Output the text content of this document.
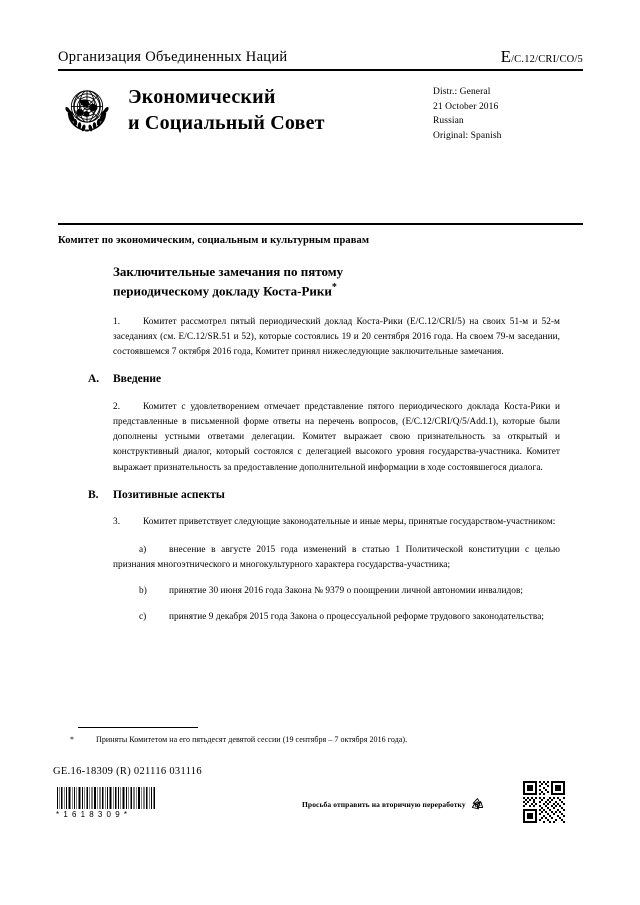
Организация Объединенных Наций	E/C.12/CRI/CO/5
Экономический
и Социальный Совет
Distr.: General
21 October 2016
Russian
Original: Spanish
Комитет по экономическим, социальным и культурным правам
Заключительные замечания по пятому
периодическому докладу Коста-Рики*

1. Комитет рассмотрел пятый периодический доклад Коста-Рики (E/C.12/CRI/5) на своих 51-м и 52-м заседаниях (см. E/C.12/SR.51 и 52), которые состоялись 19 и 20 сентября 2016 года. На своем 79-м заседании, состоявшемся 7 октября 2016 года, Комитет принял нижеследующие заключительные замечания.

A. Введение

2. Комитет с удовлетворением отмечает представление пятого периодического доклада Коста-Рики и представленные в письменной форме ответы на перечень вопросов, (E/C.12/CRI/Q/5/Add.1), которые были дополнены устными ответами делегации. Комитет выражает свою признательность за открытый и конструктивный диалог, который состоялся с делегацией высокого уровня государства-участника. Комитет выражает признательность за предоставление дополнительной информации в ходе состоявшегося диалога.

B. Позитивные аспекты

3. Комитет приветствует следующие законодательные и иные меры, принятые государством-участником:

a) внесение в августе 2015 года изменений в статью 1 Политической конституции с целью признания многоэтнического и многокультурного характера государства-участника;

b) принятие 30 июня 2016 года Закона № 9379 о поощрении личной автономии инвалидов;

c) принятие 9 декабря 2015 года Закона о процессуальной реформе трудового законодательства;

*	Приняты Комитетом на его пятьдесят девятой сессии (19 сентября – 7 октября 2016 года).
GE.16-18309 (R) 021116 031116
*1618309*
Просьба отправить на вторичную переработку
